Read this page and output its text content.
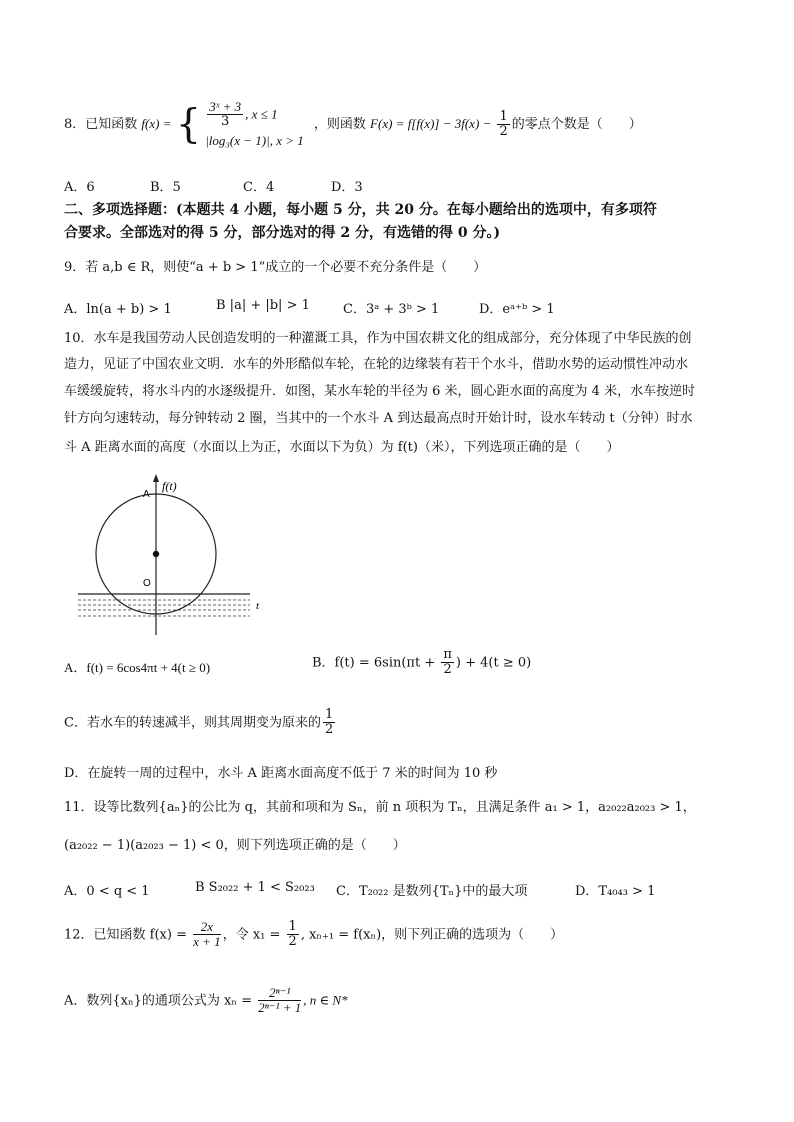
8．已知函数 f(x) = { $\frac{\text{3ˣ + 3}}{3}$ , x ≤ 1
|log₃(x − 1)|, x > 1
，则函数 $F(x) = f[f(x)] - 3f(x) - \frac{1}{2}$ 的零点个数是（　　）
A．6	B．5	C．4	D．3
二、多项选择题：(本题共 4 小题，每小题 5 分，共 20 分。在每小题给出的选项中，有多项符
合要求。全部选对的得 5 分，部分选对的得 2 分，有选错的得 0 分。)
9．若 a,b ∈ R，则使“a + b > 1”成立的一个必要不充分条件是（　　）
A．ln(a + b) > 1	B |a| + |b| > 1	C．3ᵃ + 3ᵇ > 1	D．eᵃ⁺ᵇ > 1
10．水车是我国劳动人民创造发明的一种灌溉工具，作为中国农耕文化的组成部分，充分体现了中华民族的创
造力，见证了中国农业文明．水车的外形酷似车轮，在轮的边缘装有若干个水斗，借助水势的运动惯性冲动水
车缓缓旋转，将水斗内的水逐级提升．如图，某水车轮的半径为 6 米，圆心距水面的高度为 4 米，水车按逆时
针方向匀速转动，每分钟转动 2 圈，当其中的一个水斗 A 到达最高点时开始计时，设水车转动 t（分钟）时水
斗 A 距离水面的高度（水面以上为正，水面以下为负）为 f(t)（米），下列选项正确的是（　　）
f(t)
A
O
t
A．f(t) = 6cos4πt + 4(t ≥ 0)	B．$f(t) = 6\sin(\pi t + \frac{\pi}{2}$ ) + 4(t ≥ 0)
C．若水车的转速减半，则其周期变为原来的 $\frac{1}{2}$
D．在旋转一周的过程中，水斗 A 距离水面高度不低于 7 米的时间为 10 秒
11．设等比数列{aₙ}的公比为 q，其前和项和为 Sₙ，前 n 项积为 Tₙ，且满足条件 a₁ > 1，a₂₀₂₂a₂₀₂₃ > 1，
(a₂₀₂₂ − 1)(a₂₀₂₃ − 1) < 0，则下列选项正确的是（　　）
A．0 < q < 1	B S₂₀₂₂ + 1 < S₂₀₂₃ C．T₂₀₂₂ 是数列{Tₙ}中的最大项	D．T₄₀₄₃ > 1
12．已知函数 $f(x) = \frac{2x}{x + 1}$ ，令 $x_1 = \frac{1}{2}$ , xₙ₊₁ = f(xₙ)，则下列正确的选项为（　　）
A．数列{xₙ}的通项公式为 $x_n = \frac{\text{2ⁿ⁻¹}}{\text{2ⁿ⁻¹ + 1}}$ , n ∈ N*
